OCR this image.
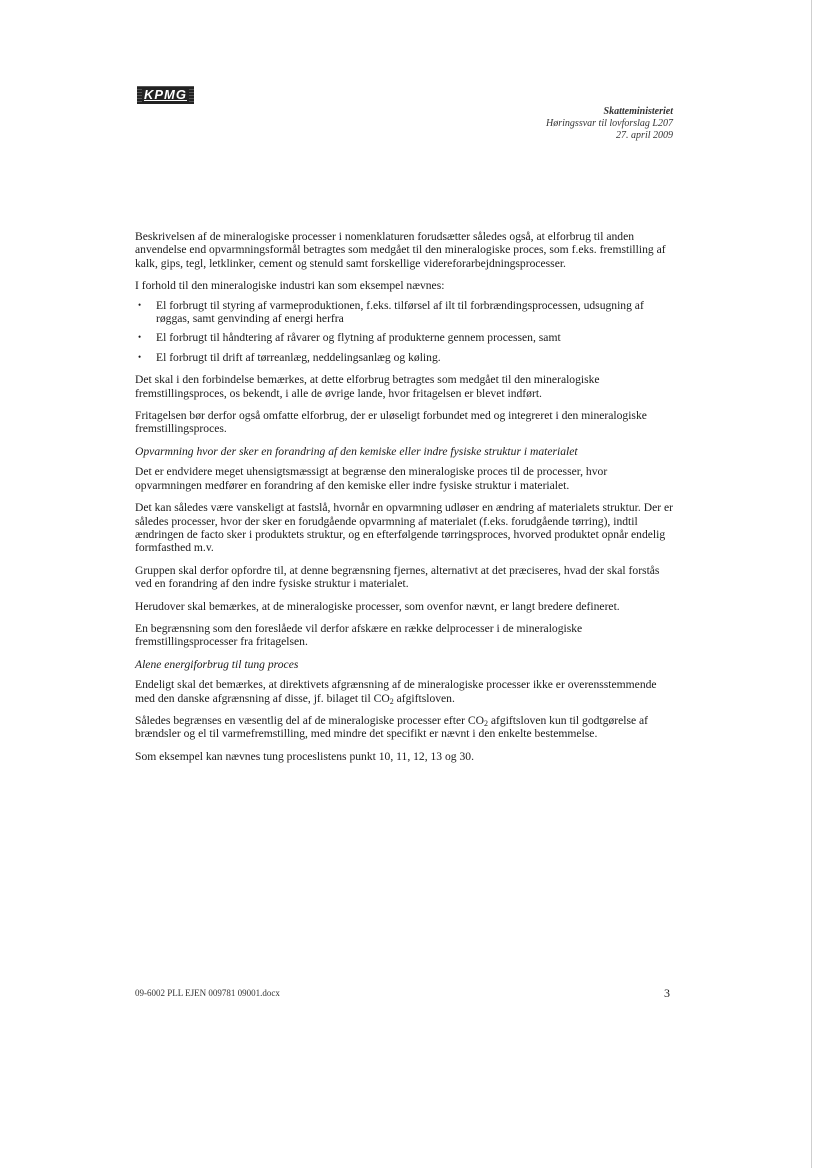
KPMG
Skatteministeriet
Høringssvar til lovforslag L207
27. april 2009

Beskrivelsen af de mineralogiske processer i nomenklaturen forudsætter således også, at elforbrug til anden anvendelse end opvarmningsformål betragtes som medgået til den mineralogiske proces, som f.eks. fremstilling af kalk, gips, tegl, letklinker, cement og stenuld samt forskellige videreforarbejdningsprocesser.

I forhold til den mineralogiske industri kan som eksempel nævnes:

• El forbrugt til styring af varmeproduktionen, f.eks. tilførsel af ilt til forbrændingsprocessen, udsugning af røggas, samt genvinding af energi herfra
• El forbrugt til håndtering af råvarer og flytning af produkterne gennem processen, samt
• El forbrugt til drift af tørreanlæg, neddelingsanlæg og køling.

Det skal i den forbindelse bemærkes, at dette elforbrug betragtes som medgået til den mineralogiske fremstillingsproces, os bekendt, i alle de øvrige lande, hvor fritagelsen er blevet indført.

Fritagelsen bør derfor også omfatte elforbrug, der er uløseligt forbundet med og integreret i den mineralogiske fremstillingsproces.

Opvarmning hvor der sker en forandring af den kemiske eller indre fysiske struktur i materialet

Det er endvidere meget uhensigtsmæssigt at begrænse den mineralogiske proces til de processer, hvor opvarmningen medfører en forandring af den kemiske eller indre fysiske struktur i materialet.

Det kan således være vanskeligt at fastslå, hvornår en opvarmning udløser en ændring af materialets struktur. Der er således processer, hvor der sker en forudgående opvarmning af materialet (f.eks. forudgående tørring), indtil ændringen de facto sker i produktets struktur, og en efterfølgende tørringsproces, hvorved produktet opnår endelig formfasthed m.v.

Gruppen skal derfor opfordre til, at denne begrænsning fjernes, alternativt at det præciseres, hvad der skal forstås ved en forandring af den indre fysiske struktur i materialet.

Herudover skal bemærkes, at de mineralogiske processer, som ovenfor nævnt, er langt bredere defineret.

En begrænsning som den foreslåede vil derfor afskære en række delprocesser i de mineralogiske fremstillingsprocesser fra fritagelsen.

Alene energiforbrug til tung proces

Endeligt skal det bemærkes, at direktivets afgrænsning af de mineralogiske processer ikke er overensstemmende med den danske afgrænsning af disse, jf. bilaget til $CO_2$ afgiftsloven.

Således begrænses en væsentlig del af de mineralogiske processer efter $CO_2$ afgiftsloven kun til godtgørelse af brændsler og el til varmefremstilling, med mindre det specifikt er nævnt i den enkelte bestemmelse.

Som eksempel kan nævnes tung proceslistens punkt 10, 11, 12, 13 og 30.

09-6002 PLL EJEN 009781 09001.docx	3
